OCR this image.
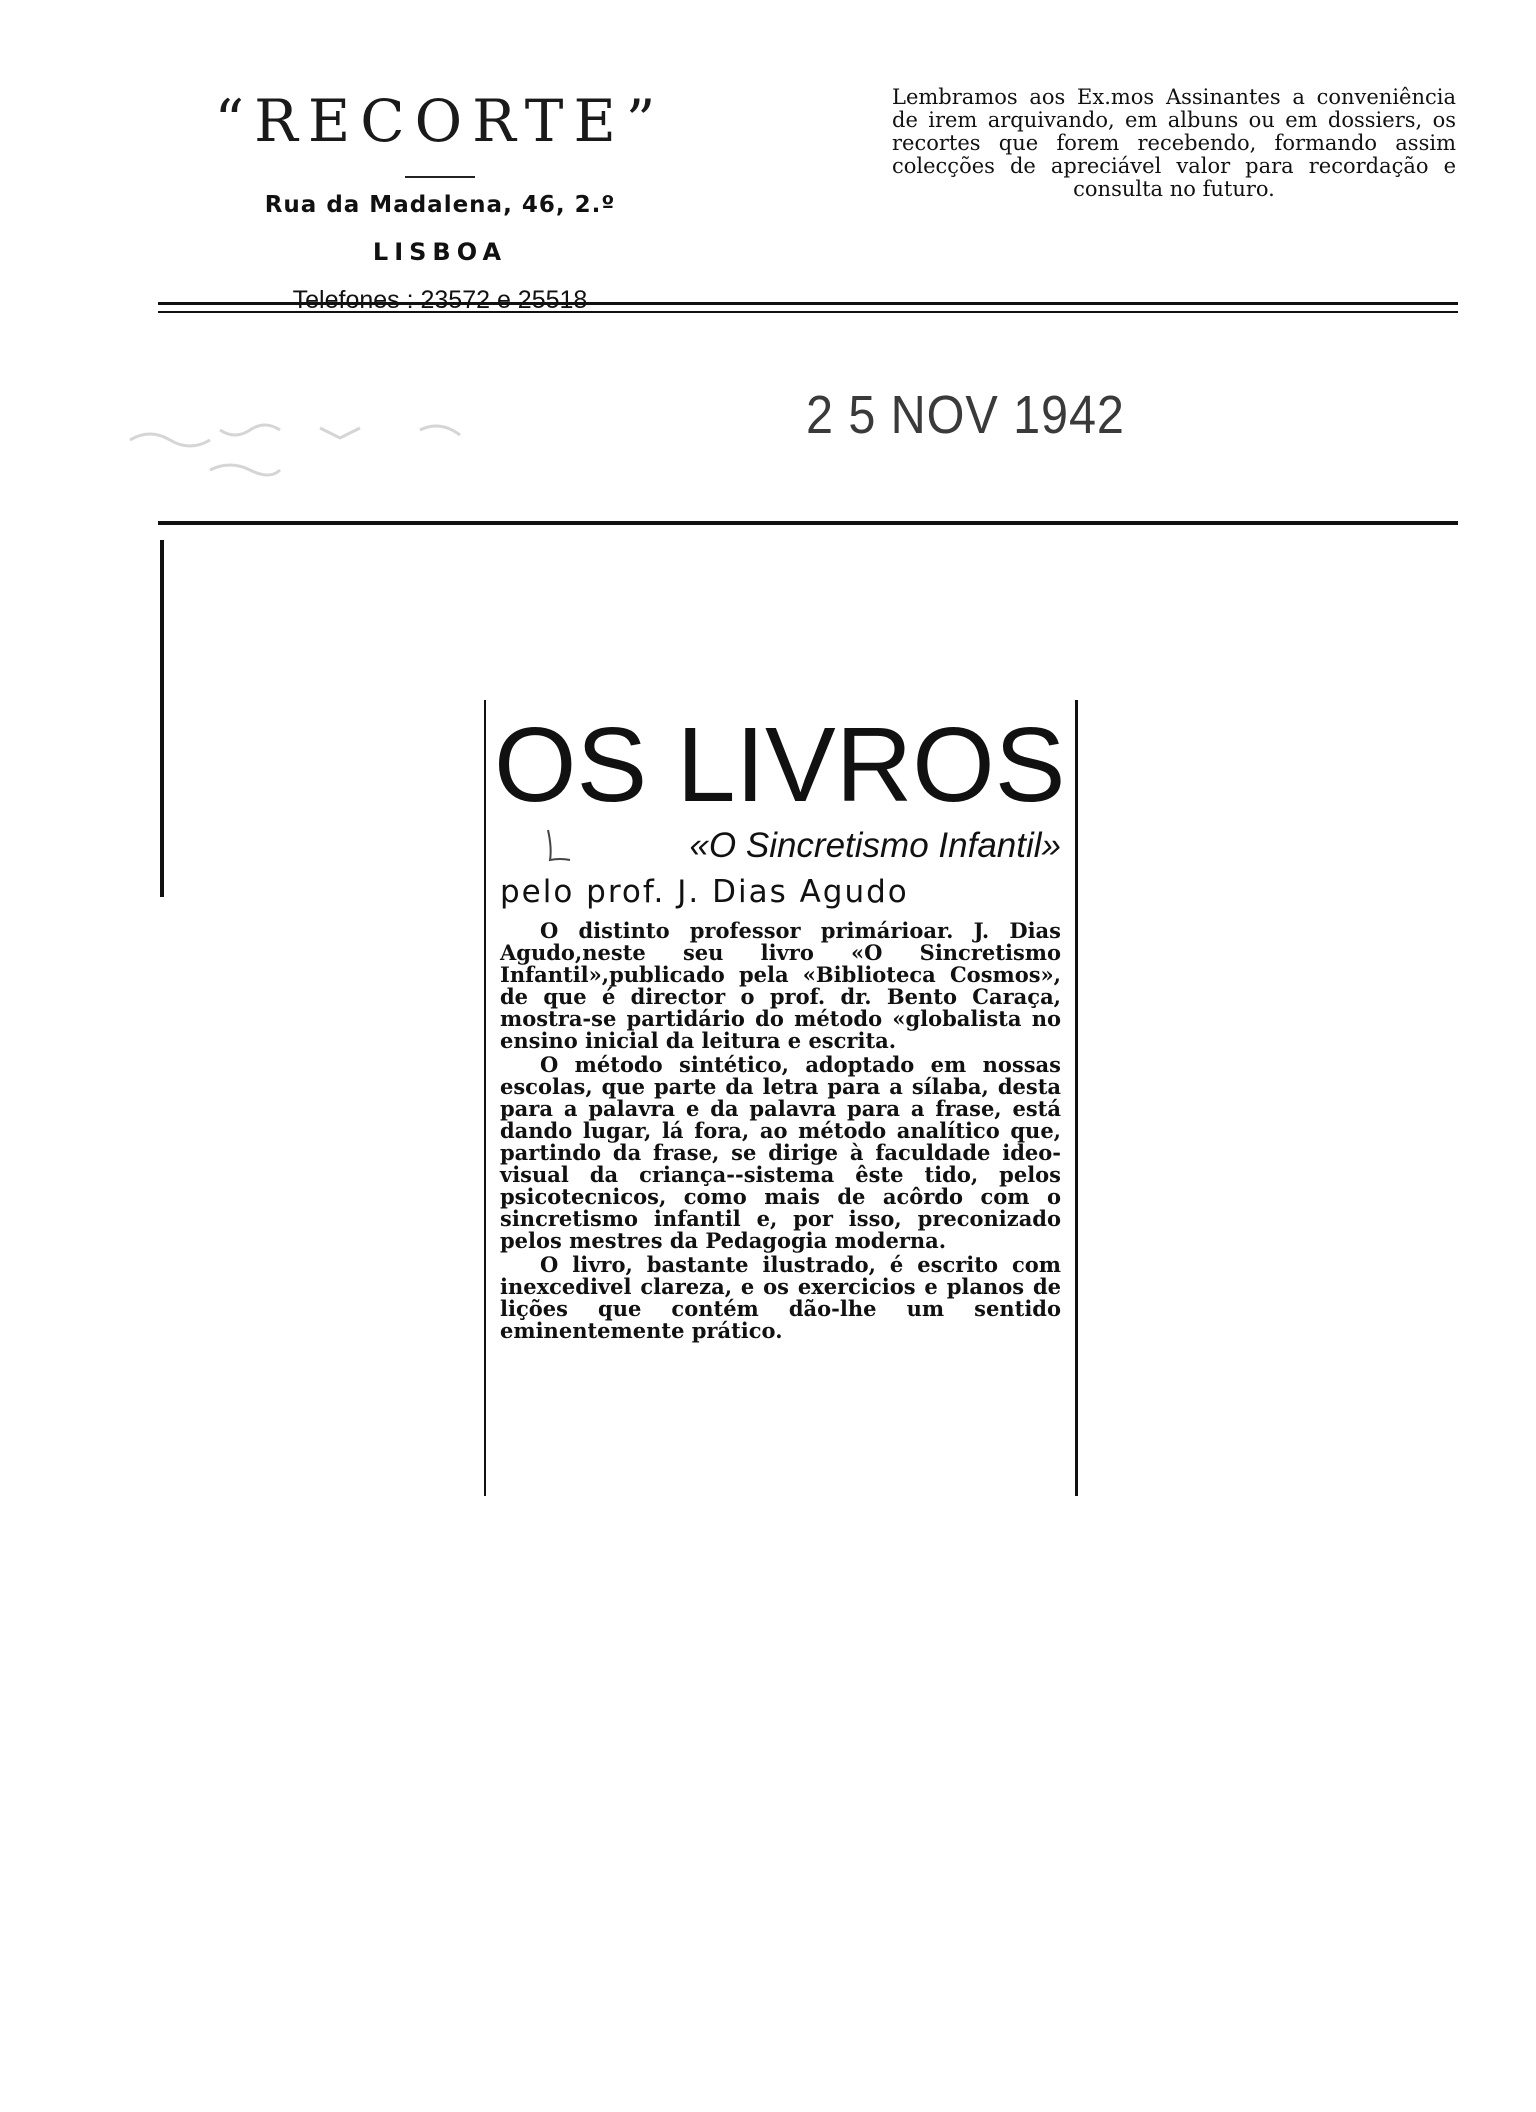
“RECORTE”

Rua da Madalena, 46, 2.º

LISBOA

Telefones : 23572 e 25518

Lembramos aos Ex.mos Assinantes a conveniência de irem arquivando, em albuns ou em dossiers, os recortes que forem recebendo, formando assim colecções de apreciável valor para recordação e consulta no futuro.

2 5 NOV 1942
OS LIVROS
«O Sincretismo Infantil»
pelo prof. J. Dias Agudo

O distinto professor primárioar. J. Dias Agudo,neste seu livro «O Sincretismo Infantil»,publicado pela «Biblioteca Cosmos», de que é director o prof. dr. Bento Caraça, mostra-se partidário do método «globalista no ensino inicial da leitura e escrita.

O método sintético, adoptado em nossas escolas, que parte da letra para a sílaba, desta para a palavra e da palavra para a frase, está dando lugar, lá fora, ao método analítico que, partindo da frase, se dirige à faculdade ideo-visual da criança--sistema êste tido, pelos psicotecnicos, como mais de acôrdo com o sincretismo infantil e, por isso, preconizado pelos mestres da Pedagogia moderna.

O livro, bastante ilustrado, é escrito com inexcedivel clareza, e os exercicios e planos de lições que contém dão-lhe um sentido eminentemente prático.
